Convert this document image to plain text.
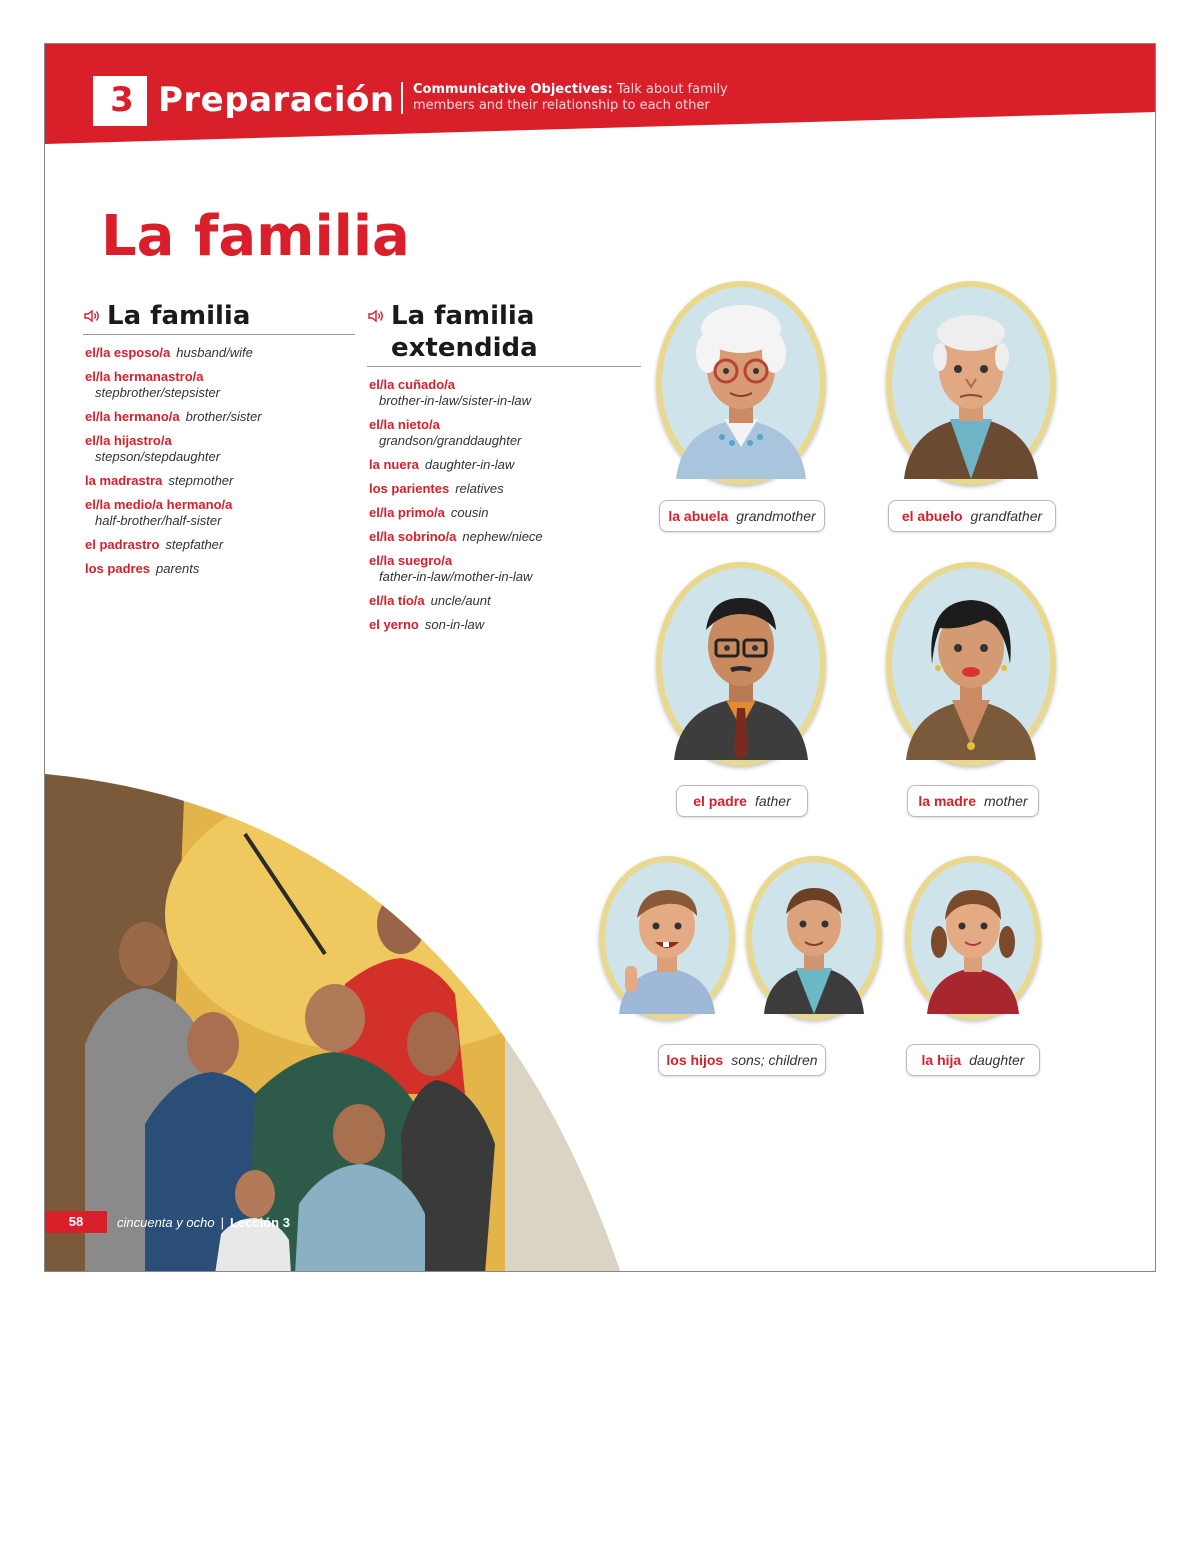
3 Preparación	Communicative Objectives: Talk about family members and their relationship to each other
La familia
La familia
el/la esposo/a husband/wife
el/la hermanastro/a
stepbrother/stepsister
el/la hermano/a brother/sister
el/la hijastro/a
stepson/stepdaughter
la madrastra stepmother
el/la medio/a hermano/a
half-brother/half-sister
el padrastro stepfather
los padres parents
La familia
extendida
el/la cuñado/a
brother-in-law/sister-in-law
el/la nieto/a
grandson/granddaughter
la nuera daughter-in-law
los parientes relatives
el/la primo/a cousin
el/la sobrino/a nephew/niece
el/la suegro/a
father-in-law/mother-in-law
el/la tío/a uncle/aunt
el yerno son-in-law
la abuela grandmother	el abuelo grandfather
el padre father	la madre mother
los hijos sons; children	la hija daughter
58	cincuenta y ocho | Lección 3
